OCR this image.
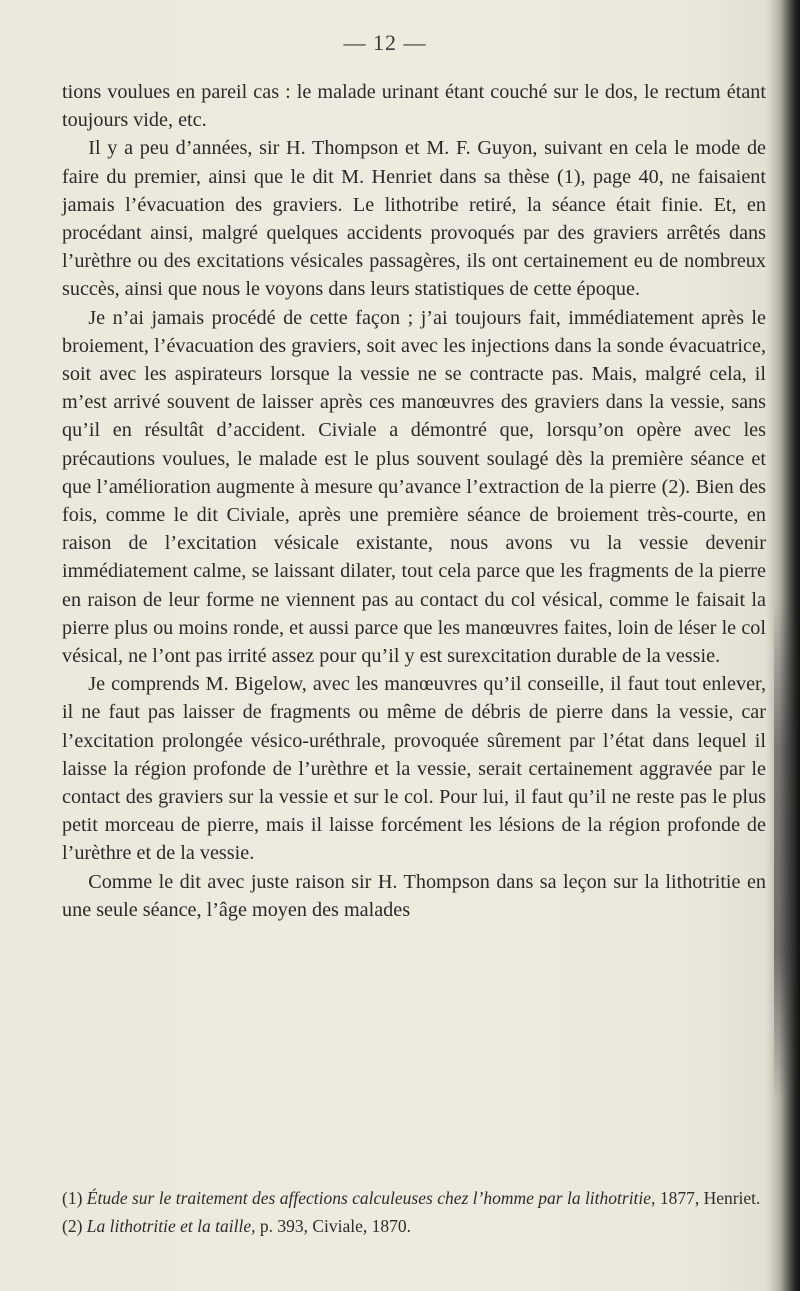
— 12 —

tions voulues en pareil cas : le malade urinant étant couché sur le dos, le rectum étant toujours vide, etc.

Il y a peu d’années, sir H. Thompson et M. F. Guyon, suivant en cela le mode de faire du premier, ainsi que le dit M. Henriet dans sa thèse (1), page 40, ne faisaient jamais l’évacuation des graviers. Le lithotribe retiré, la séance était finie. Et, en procédant ainsi, malgré quelques accidents provoqués par des graviers arrêtés dans l’urèthre ou des excitations vésicales passagères, ils ont certainement eu de nombreux succès, ainsi que nous le voyons dans leurs statistiques de cette époque.

Je n’ai jamais procédé de cette façon ; j’ai toujours fait, immédiatement après le broiement, l’évacuation des graviers, soit avec les injections dans la sonde évacuatrice, soit avec les aspirateurs lorsque la vessie ne se contracte pas. Mais, malgré cela, il m’est arrivé souvent de laisser après ces manœuvres des graviers dans la vessie, sans qu’il en résultât d’accident. Civiale a démontré que, lorsqu’on opère avec les précautions voulues, le malade est le plus souvent soulagé dès la première séance et que l’amélioration augmente à mesure qu’avance l’extraction de la pierre (2). Bien des fois, comme le dit Civiale, après une première séance de broiement très-courte, en raison de l’excitation vésicale existante, nous avons vu la vessie devenir immédiatement calme, se laissant dilater, tout cela parce que les fragments de la pierre en raison de leur forme ne viennent pas au contact du col vésical, comme le faisait la pierre plus ou moins ronde, et aussi parce que les manœuvres faites, loin de léser le col vésical, ne l’ont pas irrité assez pour qu’il y est surexcitation durable de la vessie.

Je comprends M. Bigelow, avec les manœuvres qu’il conseille, il faut tout enlever, il ne faut pas laisser de fragments ou même de débris de pierre dans la vessie, car l’excitation prolongée vésico-uréthrale, provoquée sûrement par l’état dans lequel il laisse la région profonde de l’urèthre et la vessie, serait certainement aggravée par le contact des graviers sur la vessie et sur le col. Pour lui, il faut qu’il ne reste pas le plus petit morceau de pierre, mais il laisse forcément les lésions de la région profonde de l’urèthre et de la vessie.

Comme le dit avec juste raison sir H. Thompson dans sa leçon sur la lithotritie en une seule séance, l’âge moyen des malades

(1) Étude sur le traitement des affections calculeuses chez l’homme par la lithotritie, 1877, Henriet.

(2) La lithotritie et la taille, p. 393, Civiale, 1870.
